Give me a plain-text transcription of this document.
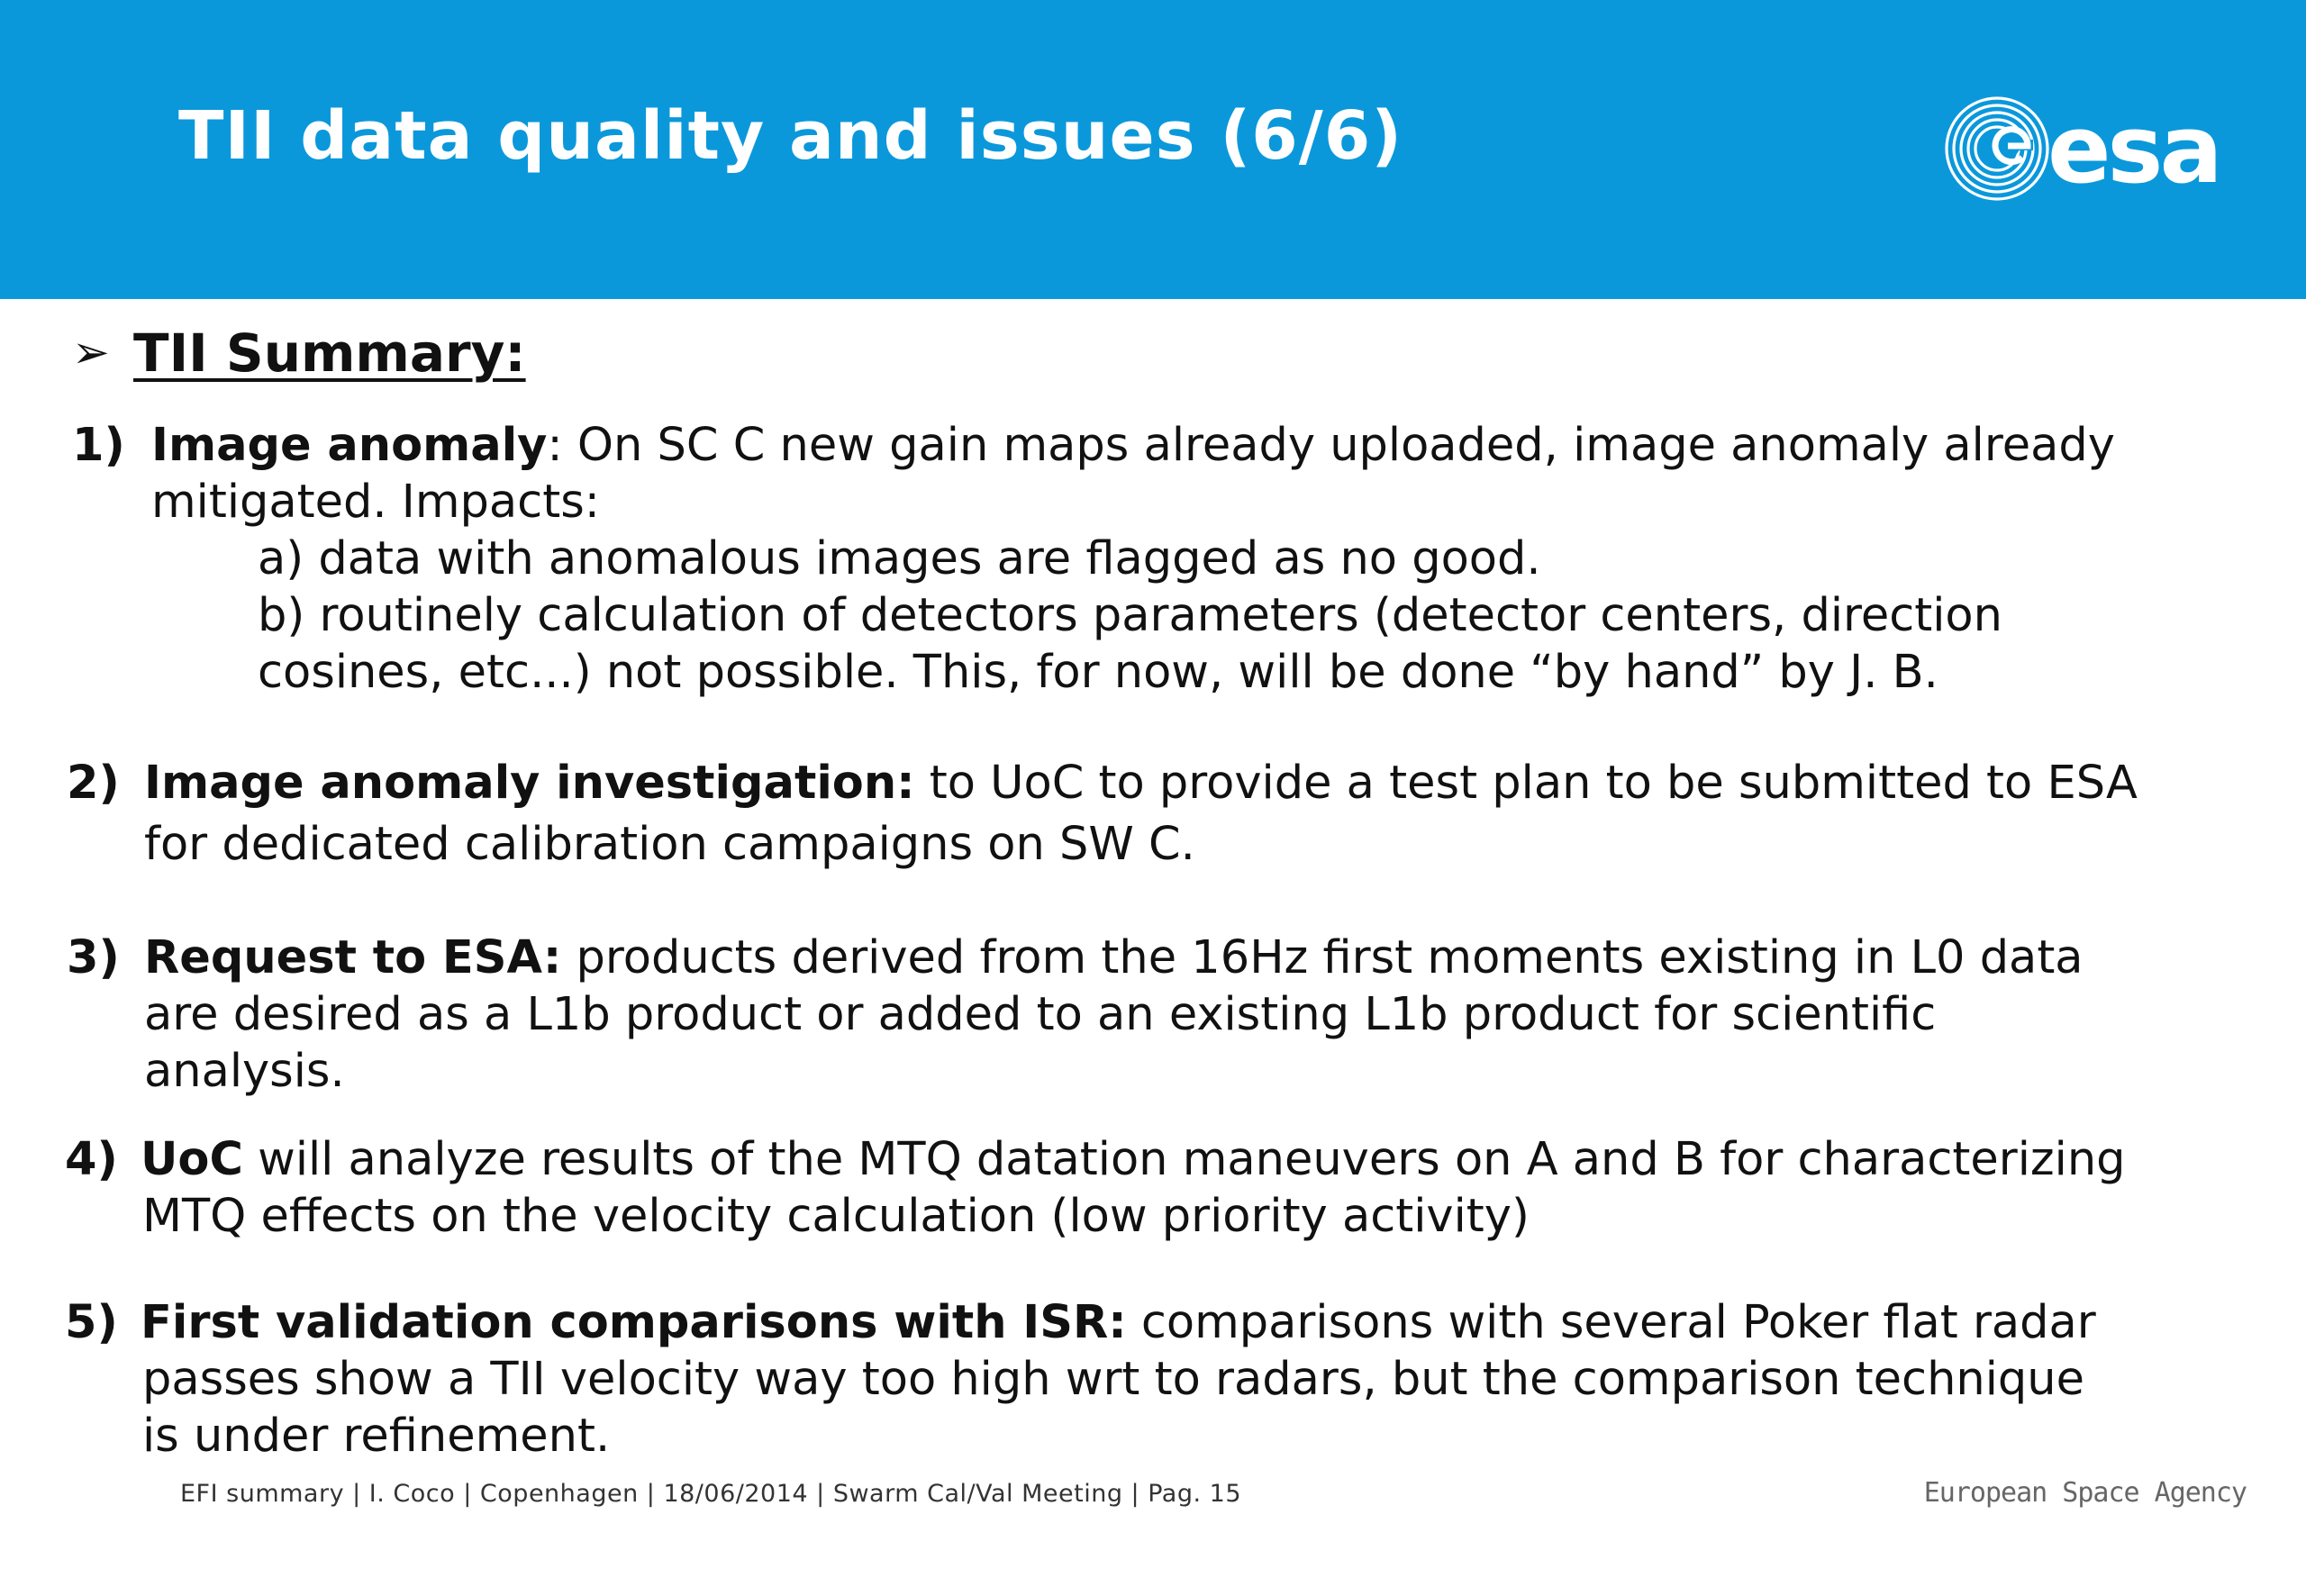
TII data quality and issues (6/6)	esa
➢ TII Summary:
1) Image anomaly: On SC C new gain maps already uploaded, image anomaly already
mitigated. Impacts:
a) data with anomalous images are flagged as no good.
b) routinely calculation of detectors parameters (detector centers, direction
cosines, etc...) not possible. This, for now, will be done “by hand” by J. B.
2) Image anomaly investigation: to UoC to provide a test plan to be submitted to ESA
for dedicated calibration campaigns on SW C.
3) Request to ESA: products derived from the 16Hz first moments existing in L0 data
are desired as a L1b product or added to an existing L1b product for scientific
analysis.
4) UoC will analyze results of the MTQ datation maneuvers on A and B for characterizing
MTQ effects on the velocity calculation (low priority activity)
5) First validation comparisons with ISR: comparisons with several Poker flat radar
passes show a TII velocity way too high wrt to radars, but the comparison technique
is under refinement.
EFI summary | I. Coco | Copenhagen | 18/06/2014 | Swarm Cal/Val Meeting | Pag. 15	European Space Agency
